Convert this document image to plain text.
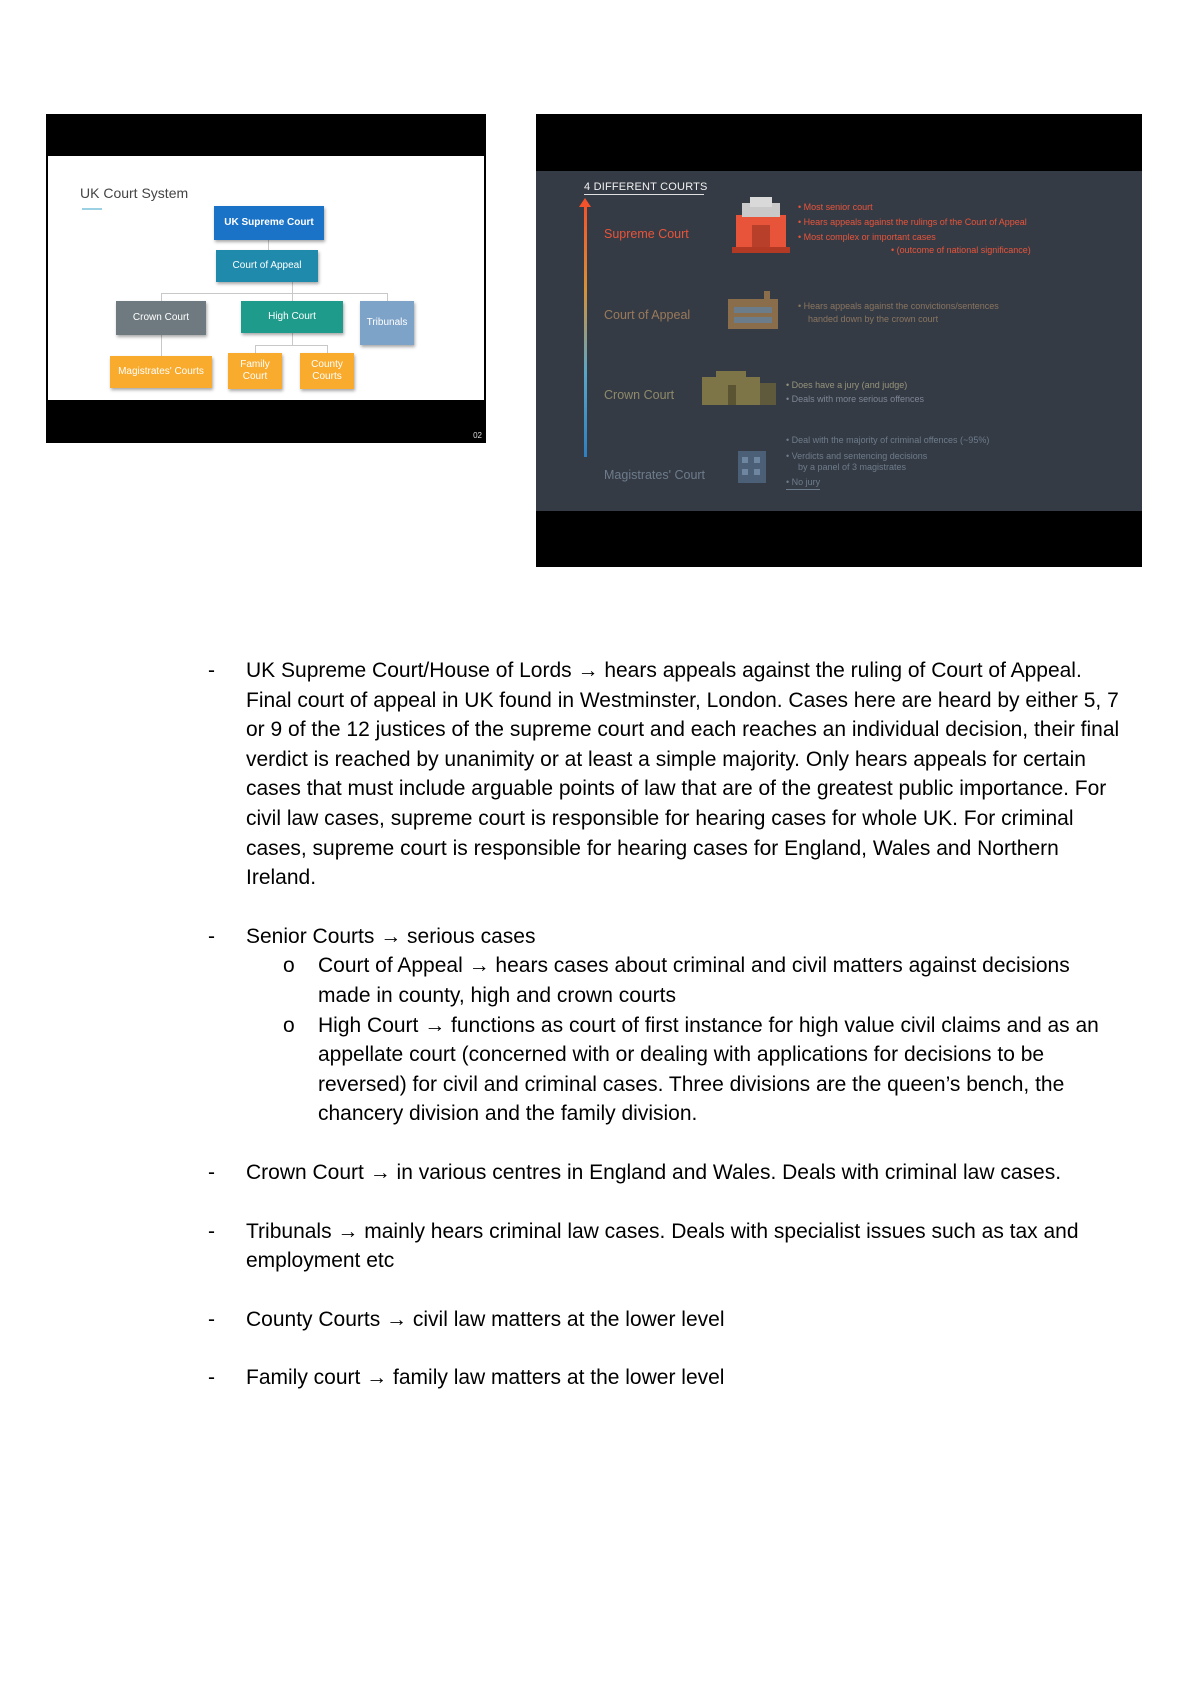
UK Court System
UK Supreme Court
Court of Appeal
Crown Court	High Court
Tribunals
Magistrates' Courts
Family Court
County Courts
02
4 DIFFERENT COURTS
Supreme Court
• Most senior court
• Hears appeals against the rulings of the Court of Appeal
• Most complex or important cases
• (outcome of national significance)
Court of Appeal
• Hears appeals against the convictions/sentences
handed down by the crown court
Crown Court
• Does have a jury (and judge)
• Deals with more serious offences
Magistrates' Court
• Deal with the majority of criminal offences (~95%)
• Verdicts and sentencing decisions
by a panel of 3 magistrates
• No jury
- UK Supreme Court/House of Lords → hears appeals against the ruling of Court of Appeal. Final court of appeal in UK found in Westminster, London. Cases here are heard by either 5, 7 or 9 of the 12 justices of the supreme court and each reaches an individual decision, their final verdict is reached by unanimity or at least a simple majority. Only hears appeals for certain cases that must include arguable points of law that are of the greatest public importance. For civil law cases, supreme court is responsible for hearing cases for whole UK. For criminal cases, supreme court is responsible for hearing cases for England, Wales and Northern Ireland.
- Senior Courts → serious cases
o Court of Appeal → hears cases about criminal and civil matters against decisions made in county, high and crown courts
o High Court → functions as court of first instance for high value civil claims and as an appellate court (concerned with or dealing with applications for decisions to be reversed) for civil and criminal cases. Three divisions are the queen’s bench, the chancery division and the family division.
- Crown Court → in various centres in England and Wales. Deals with criminal law cases.
- Tribunals → mainly hears criminal law cases. Deals with specialist issues such as tax and employment etc
- County Courts → civil law matters at the lower level
- Family court → family law matters at the lower level
